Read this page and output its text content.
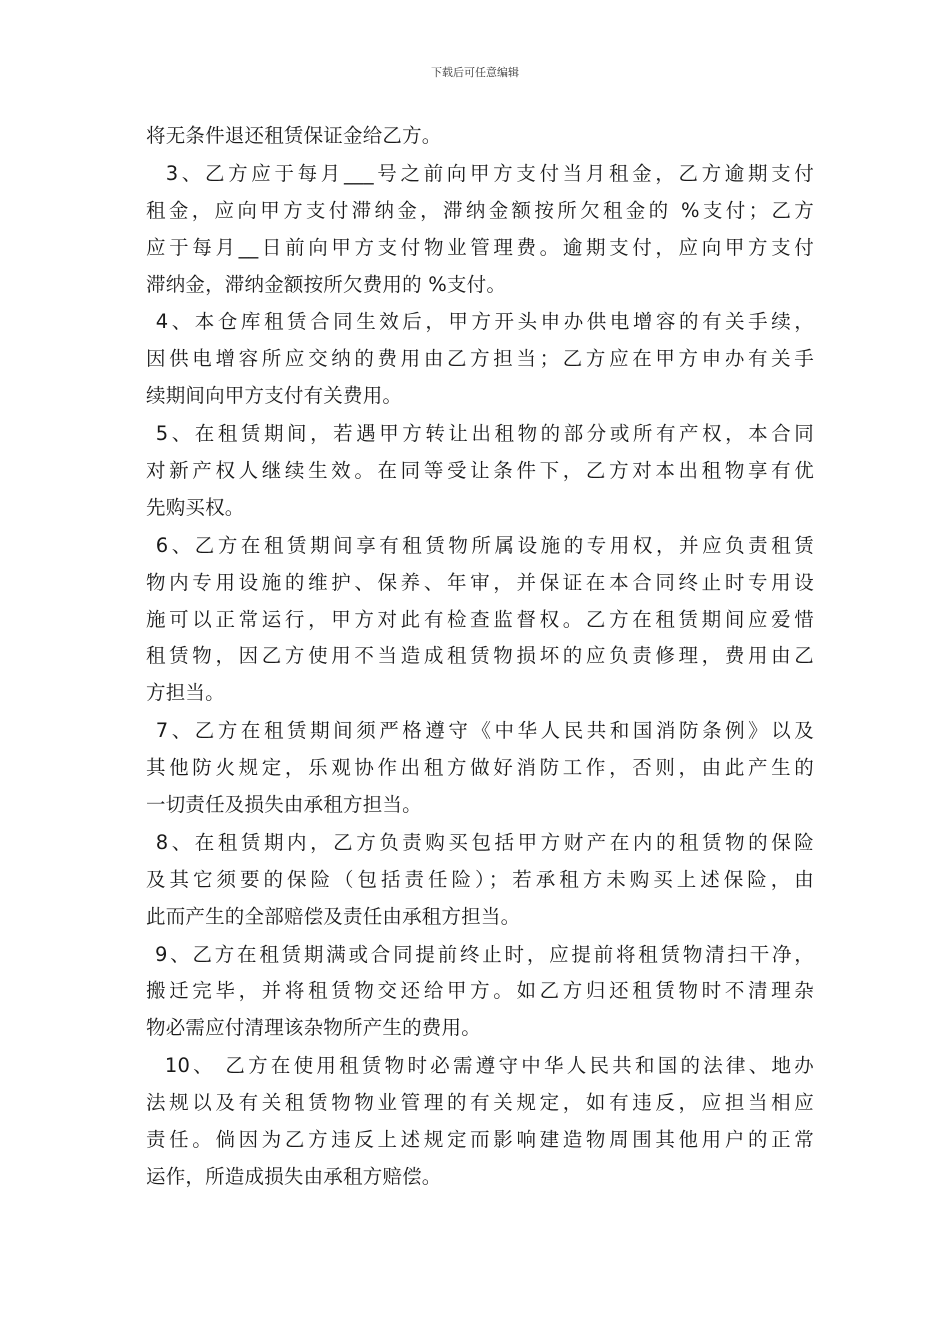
下载后可任意编辑
将无条件退还租赁保证金给乙方。
3、乙方应于每月___号之前向甲方支付当月租金，乙方逾期支付
租金，应向甲方支付滞纳金，滞纳金额按所欠租金的 %支付；乙方
应于每月__日前向甲方支付物业管理费。逾期支付，应向甲方支付
滞纳金，滞纳金额按所欠费用的 %支付。
4、本仓库租赁合同生效后，甲方开头申办供电增容的有关手续，
因供电增容所应交纳的费用由乙方担当；乙方应在甲方申办有关手
续期间向甲方支付有关费用。
5、在租赁期间，若遇甲方转让出租物的部分或所有产权，本合同
对新产权人继续生效。在同等受让条件下，乙方对本出租物享有优
先购买权。
6、乙方在租赁期间享有租赁物所属设施的专用权，并应负责租赁
物内专用设施的维护、保养、年审，并保证在本合同终止时专用设
施可以正常运行，甲方对此有检查监督权。乙方在租赁期间应爱惜
租赁物，因乙方使用不当造成租赁物损坏的应负责修理，费用由乙
方担当。
7、乙方在租赁期间须严格遵守《中华人民共和国消防条例》以及
其他防火规定，乐观协作出租方做好消防工作，否则，由此产生的
一切责任及损失由承租方担当。
8、在租赁期内，乙方负责购买包括甲方财产在内的租赁物的保险
及其它须要的保险（包括责任险）；若承租方未购买上述保险，由
此而产生的全部赔偿及责任由承租方担当。
9、乙方在租赁期满或合同提前终止时，应提前将租赁物清扫干净，
搬迁完毕，并将租赁物交还给甲方。如乙方归还租赁物时不清理杂
物必需应付清理该杂物所产生的费用。
10、 乙方在使用租赁物时必需遵守中华人民共和国的法律、地办
法规以及有关租赁物物业管理的有关规定，如有违反，应担当相应
责任。倘因为乙方违反上述规定而影响建造物周围其他用户的正常
运作，所造成损失由承租方赔偿。
